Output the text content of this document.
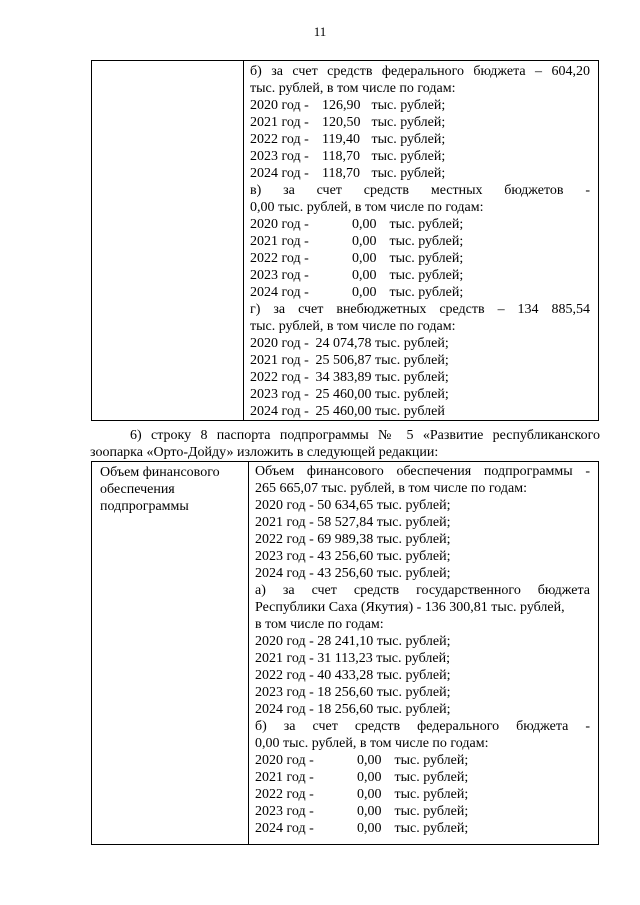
11

б) за счет средств федерального бюджета – 604,20
тыс. рублей, в том числе по годам:
2020 год - 126,90 тыс. рублей;
2021 год - 120,50 тыс. рублей;
2022 год - 119,40 тыс. рублей;
2023 год - 118,70 тыс. рублей;
2024 год - 118,70 тыс. рублей;
в) за счет средств местных бюджетов -
0,00 тыс. рублей, в том числе по годам:
2020 год -	0,00 тыс. рублей;
2021 год -	0,00 тыс. рублей;
2022 год -	0,00 тыс. рублей;
2023 год -	0,00 тыс. рублей;
2024 год -	0,00 тыс. рублей;
г) за счет внебюджетных средств – 134 885,54
тыс. рублей, в том числе по годам:
2020 год - 24 074,78 тыс. рублей;
2021 год - 25 506,87 тыс. рублей;
2022 год - 34 383,89 тыс. рублей;
2023 год - 25 460,00 тыс. рублей;
2024 год - 25 460,00 тыс. рублей
6) строку 8 паспорта подпрограммы № 5 «Развитие республиканского
зоопарка «Орто-Дойду» изложить в следующей редакции:
Объем финансового
обеспечения
подпрограммы

Объем финансового обеспечения подпрограммы -
265 665,07 тыс. рублей, в том числе по годам:
2020 год - 50 634,65 тыс. рублей;
2021 год - 58 527,84 тыс. рублей;
2022 год - 69 989,38 тыс. рублей;
2023 год - 43 256,60 тыс. рублей;
2024 год - 43 256,60 тыс. рублей;
а) за счет средств государственного бюджета
Республики Саха (Якутия) - 136 300,81 тыс. рублей,
в том числе по годам:
2020 год - 28 241,10 тыс. рублей;
2021 год - 31 113,23 тыс. рублей;
2022 год - 40 433,28 тыс. рублей;
2023 год - 18 256,60 тыс. рублей;
2024 год - 18 256,60 тыс. рублей;
б) за счет средств федерального бюджета -
0,00 тыс. рублей, в том числе по годам:
2020 год -	0,00 тыс. рублей;
2021 год -	0,00 тыс. рублей;
2022 год -	0,00 тыс. рублей;
2023 год -	0,00 тыс. рублей;
2024 год -	0,00 тыс. рублей;
